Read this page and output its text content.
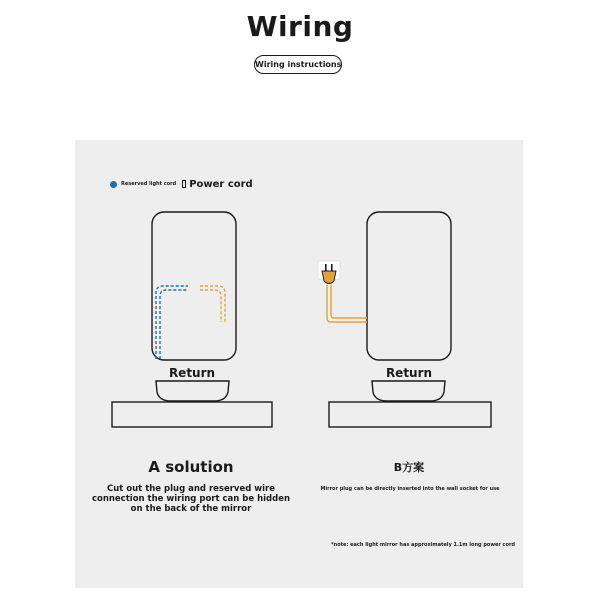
Wiring
Wiring instructions
Reserved light cord Power cord
Return	Return
A solution
Cut out the plug and reserved wire connection the wiring port can be hidden on the back of the mirror
B方案
Mirror plug can be directly inserted into the wall socket for use
*note: each light mirror has approximately 1.1m long power cord
